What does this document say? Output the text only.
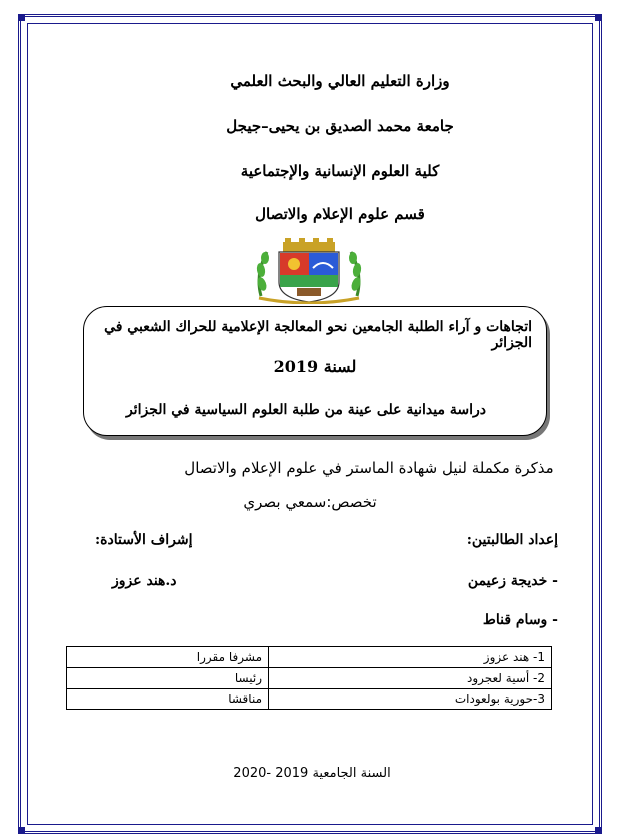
وزارة التعليم العالي والبحث العلمي
جامعة محمد الصديق بن يحيى–جيجل
كلية العلوم الإنسانية والإجتماعية
قسم علوم الإعلام والاتصال
اتجاهات و آراء الطلبة الجامعين نحو المعالجة الإعلامية للحراك الشعبي في الجزائر
لسنة 2019
دراسة ميدانية على عينة من طلبة العلوم السياسية في الجزائر
مذكرة مكملة لنيل شهادة الماستر في علوم الإعلام والاتصال
تخصص:سمعي بصري
إعداد الطالبتين:
إشراف الأستادة:
- خديجة زعيمن
د.هند عزوز
- وسام قناط
1- هند عزوز	مشرفا مقررا
2- أسية لعجرود	رئيسا
3-حورية بولعودات	مناقشا
السنة الجامعية 2019 -2020
